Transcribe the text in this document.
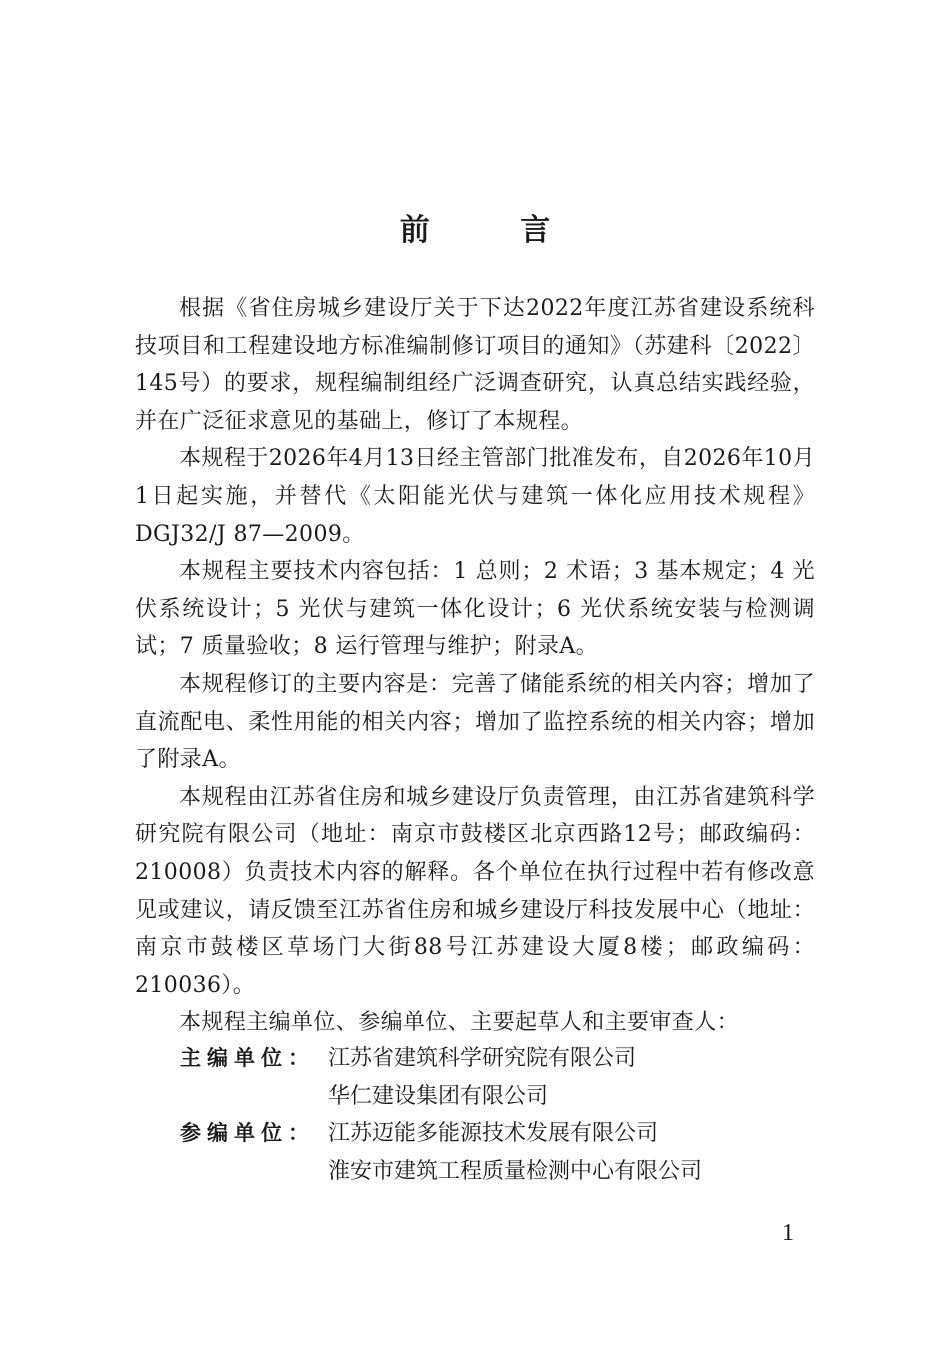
前 言

根据《省住房城乡建设厅关于下达2022年度江苏省建设系统科技项目和工程建设地方标准编制修订项目的通知》（苏建科〔2022〕145号）的要求，规程编制组经广泛调查研究，认真总结实践经验，并在广泛征求意见的基础上，修订了本规程。

本规程于2026年4月13日经主管部门批准发布，自2026年10月1日起实施，并替代《太阳能光伏与建筑一体化应用技术规程》DGJ32/J 87—2009。

本规程主要技术内容包括：1 总则；2 术语；3 基本规定；4 光伏系统设计；5 光伏与建筑一体化设计；6 光伏系统安装与检测调试；7 质量验收；8 运行管理与维护；附录A。

本规程修订的主要内容是：完善了储能系统的相关内容；增加了直流配电、柔性用能的相关内容；增加了监控系统的相关内容；增加了附录A。

本规程由江苏省住房和城乡建设厅负责管理，由江苏省建筑科学研究院有限公司（地址：南京市鼓楼区北京西路12号；邮政编码：210008）负责技术内容的解释。各个单位在执行过程中若有修改意见或建议，请反馈至江苏省住房和城乡建设厅科技发展中心（地址：南京市鼓楼区草场门大街88号江苏建设大厦8楼；邮政编码：210036）。

本规程主编单位、参编单位、主要起草人和主要审查人：

主编单位： 江苏省建筑科学研究院有限公司
华仁建设集团有限公司
参编单位： 江苏迈能多能源技术发展有限公司
淮安市建筑工程质量检测中心有限公司
1
